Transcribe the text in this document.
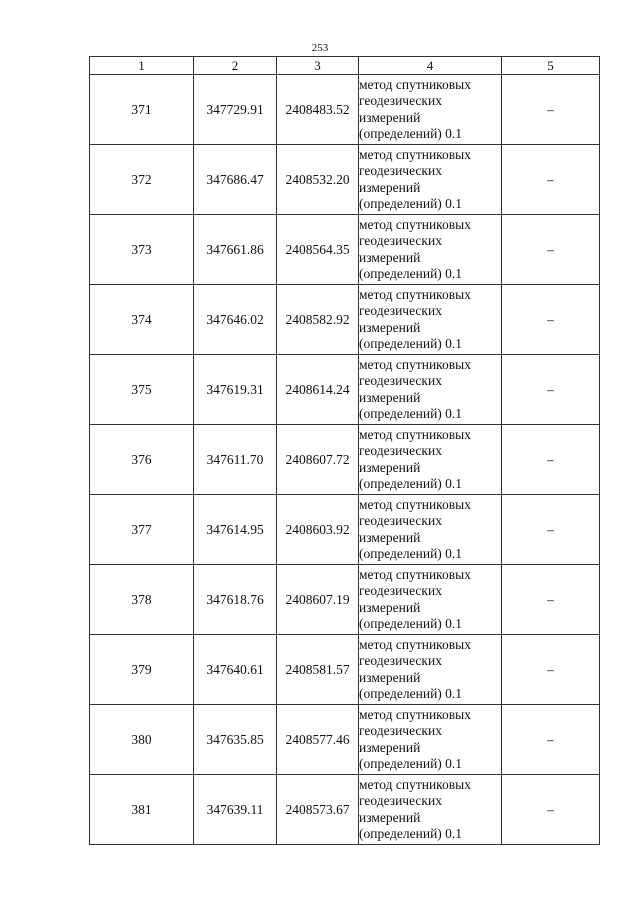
253
1	2	3	4	5
371	347729.91	2408483.52	метод спутниковых
геодезических
измерений
(определений) 0.1	–
372	347686.47	2408532.20	метод спутниковых
геодезических
измерений
(определений) 0.1	–
373	347661.86	2408564.35	метод спутниковых
геодезических
измерений
(определений) 0.1	–
374	347646.02	2408582.92	метод спутниковых
геодезических
измерений
(определений) 0.1	–
375	347619.31	2408614.24	метод спутниковых
геодезических
измерений
(определений) 0.1	–
376	347611.70	2408607.72	метод спутниковых
геодезических
измерений
(определений) 0.1	–
377	347614.95	2408603.92	метод спутниковых
геодезических
измерений
(определений) 0.1	–
378	347618.76	2408607.19	метод спутниковых
геодезических
измерений
(определений) 0.1	–
379	347640.61	2408581.57	метод спутниковых
геодезических
измерений
(определений) 0.1	–
380	347635.85	2408577.46	метод спутниковых
геодезических
измерений
(определений) 0.1	–
381	347639.11	2408573.67	метод спутниковых
геодезических
измерений
(определений) 0.1	–
